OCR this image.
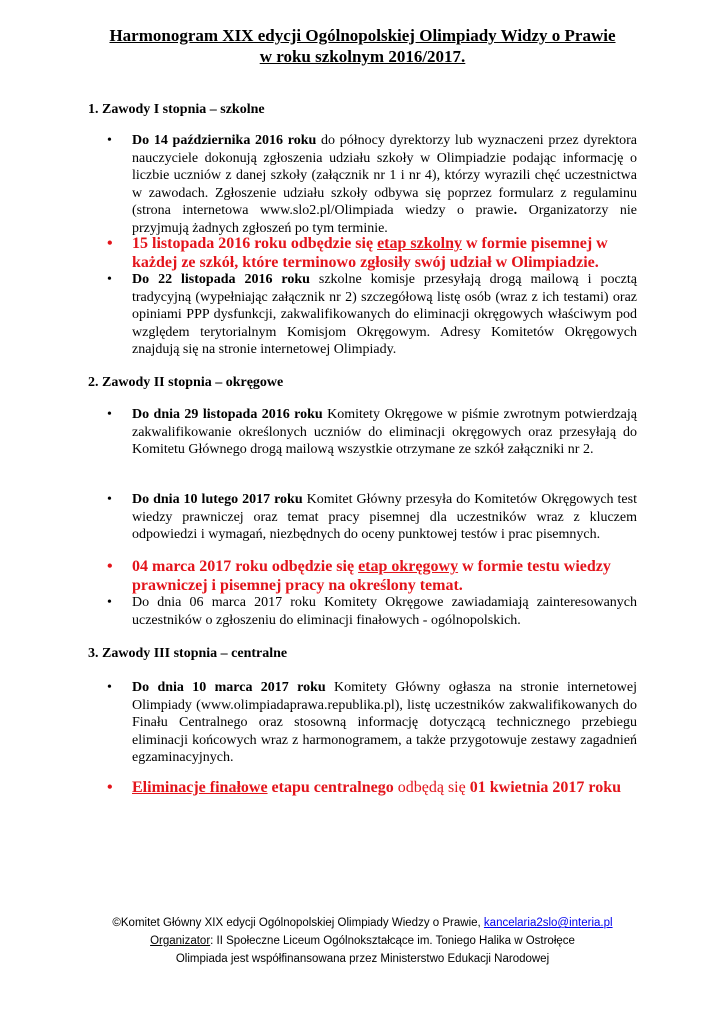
Harmonogram XIX edycji Ogólnopolskiej Olimpiady Widzy o Prawie
w roku szkolnym 2016/2017.
1. Zawody I stopnia – szkolne
•	Do 14 października 2016 roku do północy dyrektorzy lub wyznaczeni przez dyrektora nauczyciele dokonują zgłoszenia udziału szkoły w Olimpiadzie podając informację o liczbie uczniów z danej szkoły (załącznik nr 1 i nr 4), którzy wyrazili chęć uczestnictwa w zawodach. Zgłoszenie udziału szkoły odbywa się poprzez formularz z regulaminu (strona internetowa www.slo2.pl/Olimpiada wiedzy o prawie. Organizatorzy nie przyjmują żadnych zgłoszeń po tym terminie.
•	15 listopada 2016 roku odbędzie się etap szkolny w formie pisemnej w każdej ze szkół, które terminowo zgłosiły swój udział w Olimpiadzie.
•	Do 22 listopada 2016 roku szkolne komisje przesyłają drogą mailową i pocztą tradycyjną (wypełniając załącznik nr 2) szczegółową listę osób (wraz z ich testami) oraz opiniami PPP dysfunkcji, zakwalifikowanych do eliminacji okręgowych właściwym pod względem terytorialnym Komisjom Okręgowym. Adresy Komitetów Okręgowych znajdują się na stronie internetowej Olimpiady.
2. Zawody II stopnia – okręgowe
•	Do dnia 29 listopada 2016 roku Komitety Okręgowe w piśmie zwrotnym potwierdzają zakwalifikowanie określonych uczniów do eliminacji okręgowych oraz przesyłają do Komitetu Głównego drogą mailową wszystkie otrzymane ze szkół załączniki nr 2.
•	Do dnia 10 lutego 2017 roku Komitet Główny przesyła do Komitetów Okręgowych test wiedzy prawniczej oraz temat pracy pisemnej dla uczestników wraz z kluczem odpowiedzi i wymagań, niezbędnych do oceny punktowej testów i prac pisemnych.
•	04 marca 2017 roku odbędzie się etap okręgowy w formie testu wiedzy prawniczej i pisemnej pracy na określony temat.
•	Do dnia 06 marca 2017 roku Komitety Okręgowe zawiadamiają zainteresowanych uczestników o zgłoszeniu do eliminacji finałowych - ogólnopolskich.
3. Zawody III stopnia – centralne
•	Do dnia 10 marca 2017 roku Komitety Główny ogłasza na stronie internetowej Olimpiady (www.olimpiadaprawa.republika.pl), listę uczestników zakwalifikowanych do Finału Centralnego oraz stosowną informację dotyczącą technicznego przebiegu eliminacji końcowych wraz z harmonogramem, a także przygotowuje zestawy zagadnień egzaminacyjnych.
•	Eliminacje finałowe etapu centralnego odbędą się 01 kwietnia 2017 roku
©Komitet Główny XIX edycji Ogólnopolskiej Olimpiady Wiedzy o Prawie, kancelaria2slo@interia.pl
Organizator: II Społeczne Liceum Ogólnokształcące im. Toniego Halika w Ostrołęce
Olimpiada jest współfinansowana przez Ministerstwo Edukacji Narodowej
